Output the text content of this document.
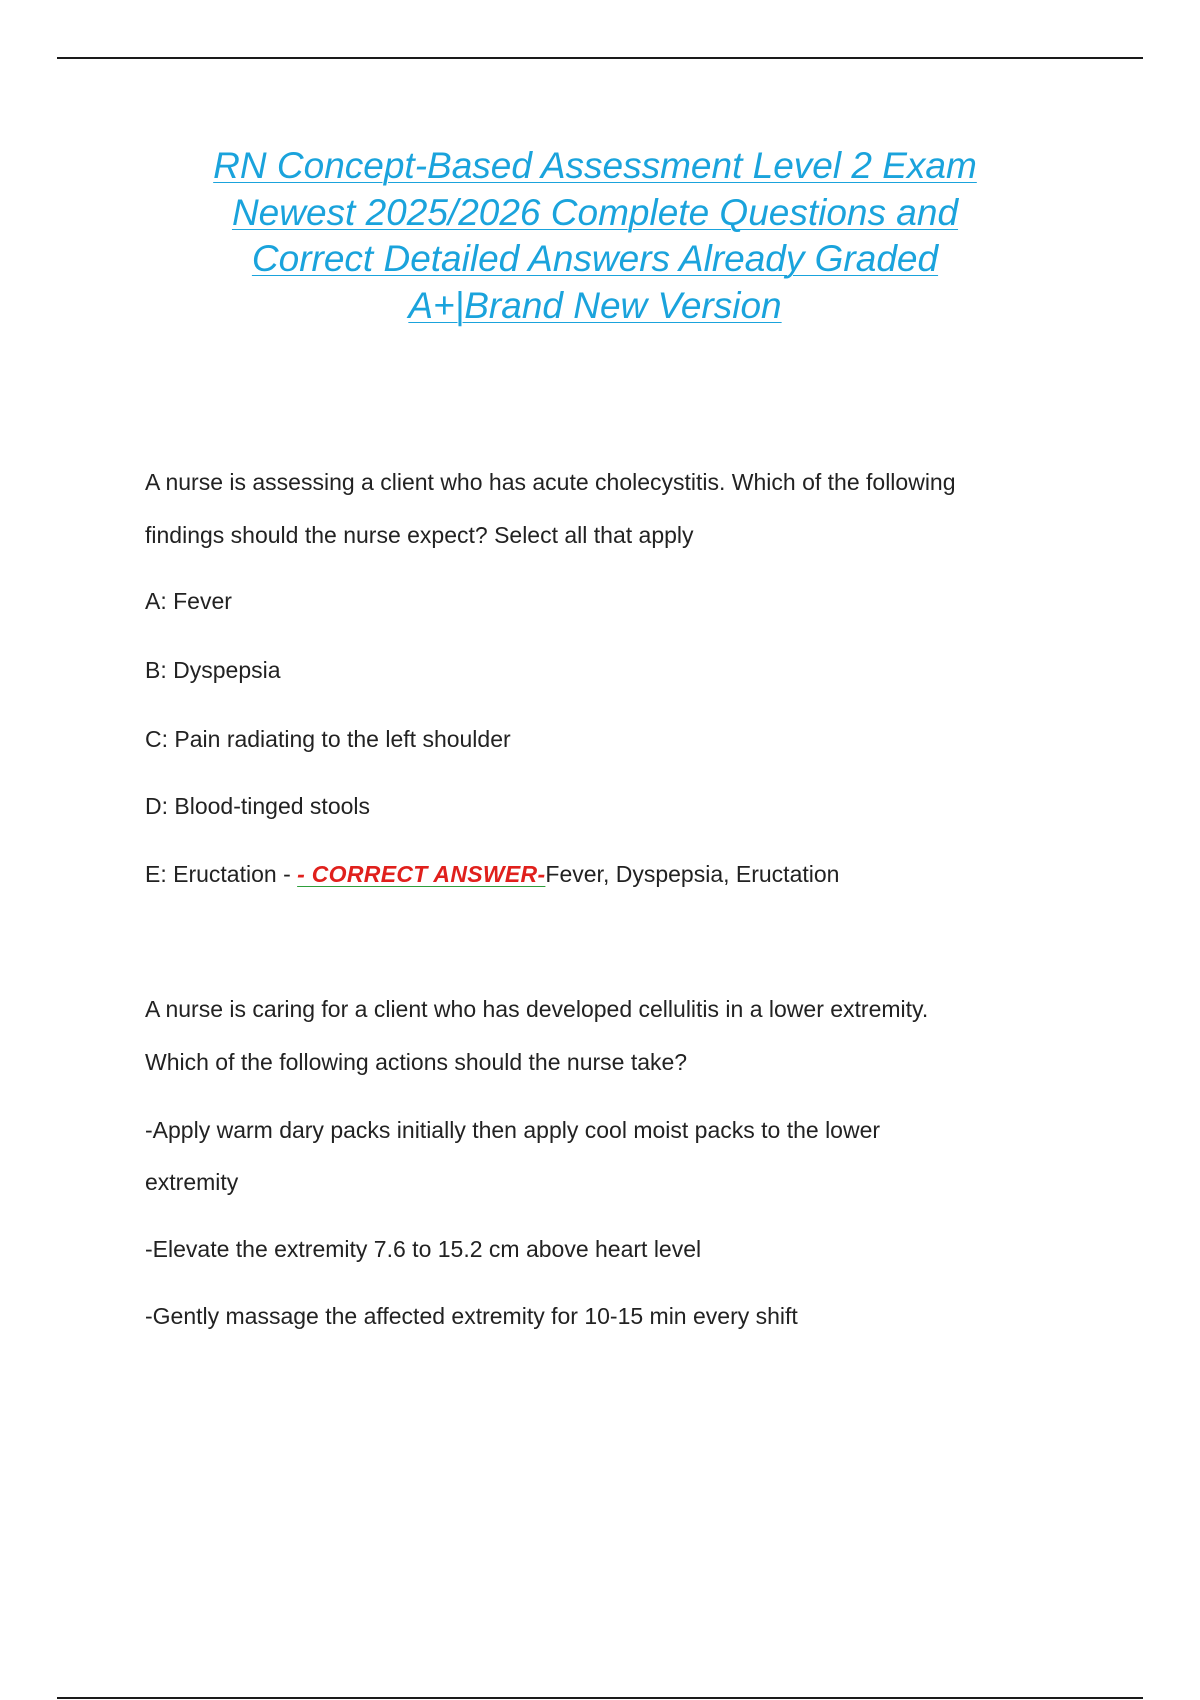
RN Concept-Based Assessment Level 2 Exam
Newest 2025/2026 Complete Questions and
Correct Detailed Answers Already Graded
A+|Brand New Version

A nurse is assessing a client who has acute cholecystitis. Which of the following

findings should the nurse expect? Select all that apply

A: Fever

B: Dyspepsia

C: Pain radiating to the left shoulder

D: Blood-tinged stools

E: Eructation - - CORRECT ANSWER-Fever, Dyspepsia, Eructation

A nurse is caring for a client who has developed cellulitis in a lower extremity.

Which of the following actions should the nurse take?

-Apply warm dary packs initially then apply cool moist packs to the lower

extremity

-Elevate the extremity 7.6 to 15.2 cm above heart level

-Gently massage the affected extremity for 10-15 min every shift
